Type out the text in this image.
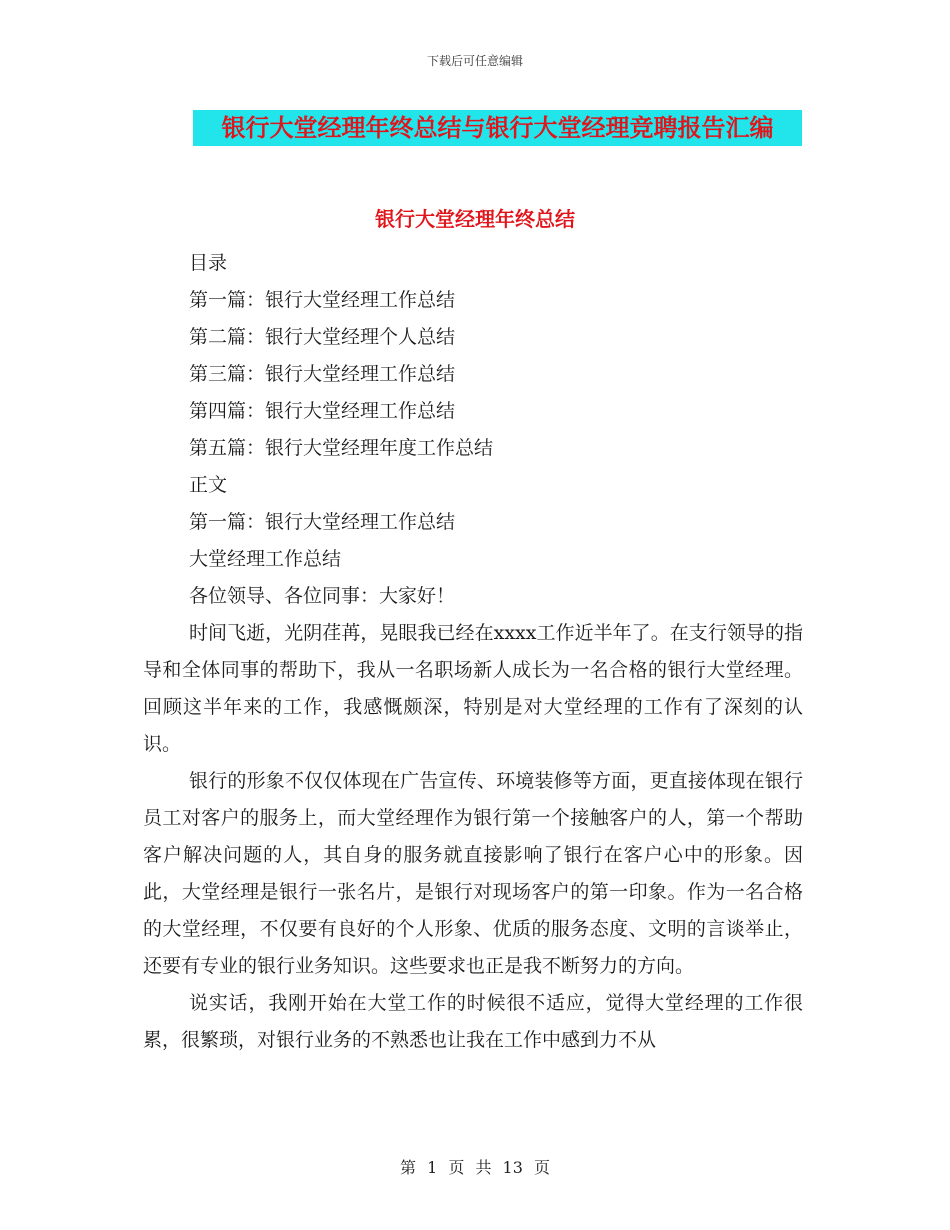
下载后可任意编辑
银行大堂经理年终总结与银行大堂经理竞聘报告汇编
银行大堂经理年终总结
目录
第一篇：银行大堂经理工作总结
第二篇：银行大堂经理个人总结
第三篇：银行大堂经理工作总结
第四篇：银行大堂经理工作总结
第五篇：银行大堂经理年度工作总结
正文
第一篇：银行大堂经理工作总结
大堂经理工作总结
各位领导、各位同事：大家好！

时间飞逝，光阴荏苒，晃眼我已经在xxxx工作近半年了。在支行领导的指导和全体同事的帮助下，我从一名职场新人成长为一名合格的银行大堂经理。回顾这半年来的工作，我感慨颇深，特别是对大堂经理的工作有了深刻的认识。

银行的形象不仅仅体现在广告宣传、环境装修等方面，更直接体现在银行员工对客户的服务上，而大堂经理作为银行第一个接触客户的人，第一个帮助客户解决问题的人，其自身的服务就直接影响了银行在客户心中的形象。因此，大堂经理是银行一张名片，是银行对现场客户的第一印象。作为一名合格的大堂经理，不仅要有良好的个人形象、优质的服务态度、文明的言谈举止，还要有专业的银行业务知识。这些要求也正是我不断努力的方向。

说实话，我刚开始在大堂工作的时候很不适应，觉得大堂经理的工作很累，很繁琐，对银行业务的不熟悉也让我在工作中感到力不从

第 1 页 共 13 页
